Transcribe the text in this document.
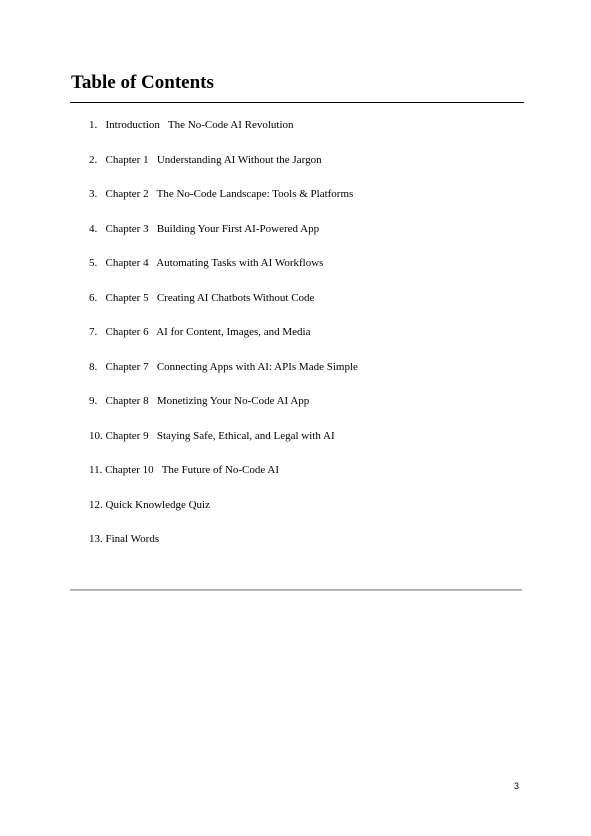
Table of Contents
1.   Introduction   The No-Code AI Revolution
2.   Chapter 1   Understanding AI Without the Jargon
3.   Chapter 2   The No-Code Landscape: Tools & Platforms
4.   Chapter 3   Building Your First AI-Powered App
5.   Chapter 4   Automating Tasks with AI Workflows
6.   Chapter 5   Creating AI Chatbots Without Code
7.   Chapter 6   AI for Content, Images, and Media
8.   Chapter 7   Connecting Apps with AI: APIs Made Simple
9.   Chapter 8   Monetizing Your No-Code AI App
10. Chapter 9   Staying Safe, Ethical, and Legal with AI
11. Chapter 10   The Future of No-Code AI
12. Quick Knowledge Quiz
13. Final Words
3
